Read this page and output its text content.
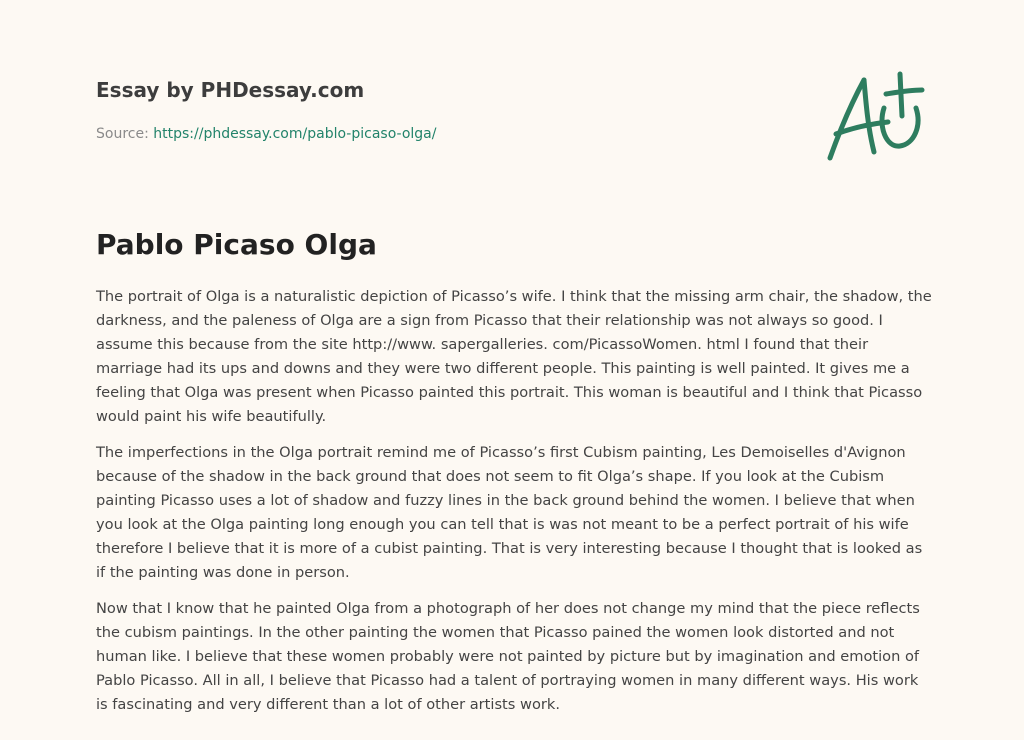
Essay by PHDessay.com

Source: https://phdessay.com/pablo-picaso-olga/
Pablo Picaso Olga

The portrait of Olga is a naturalistic depiction of Picasso’s wife. I think that the missing arm chair, the shadow, the darkness, and the paleness of Olga are a sign from Picasso that their relationship was not always so good. I assume this because from the site http://www. sapergalleries. com/PicassoWomen. html I found that their marriage had its ups and downs and they were two different people. This painting is well painted. It gives me a feeling that Olga was present when Picasso painted this portrait. This woman is beautiful and I think that Picasso would paint his wife beautifully.

The imperfections in the Olga portrait remind me of Picasso’s first Cubism painting, Les Demoiselles d'Avignon because of the shadow in the back ground that does not seem to fit Olga’s shape. If you look at the Cubism painting Picasso uses a lot of shadow and fuzzy lines in the back ground behind the women. I believe that when you look at the Olga painting long enough you can tell that is was not meant to be a perfect portrait of his wife therefore I believe that it is more of a cubist painting. That is very interesting because I thought that is looked as if the painting was done in person.

Now that I know that he painted Olga from a photograph of her does not change my mind that the piece reflects the cubism paintings. In the other painting the women that Picasso pained the women look distorted and not human like. I believe that these women probably were not painted by picture but by imagination and emotion of Pablo Picasso. All in all, I believe that Picasso had a talent of portraying women in many different ways. His work is fascinating and very different than a lot of other artists work.
